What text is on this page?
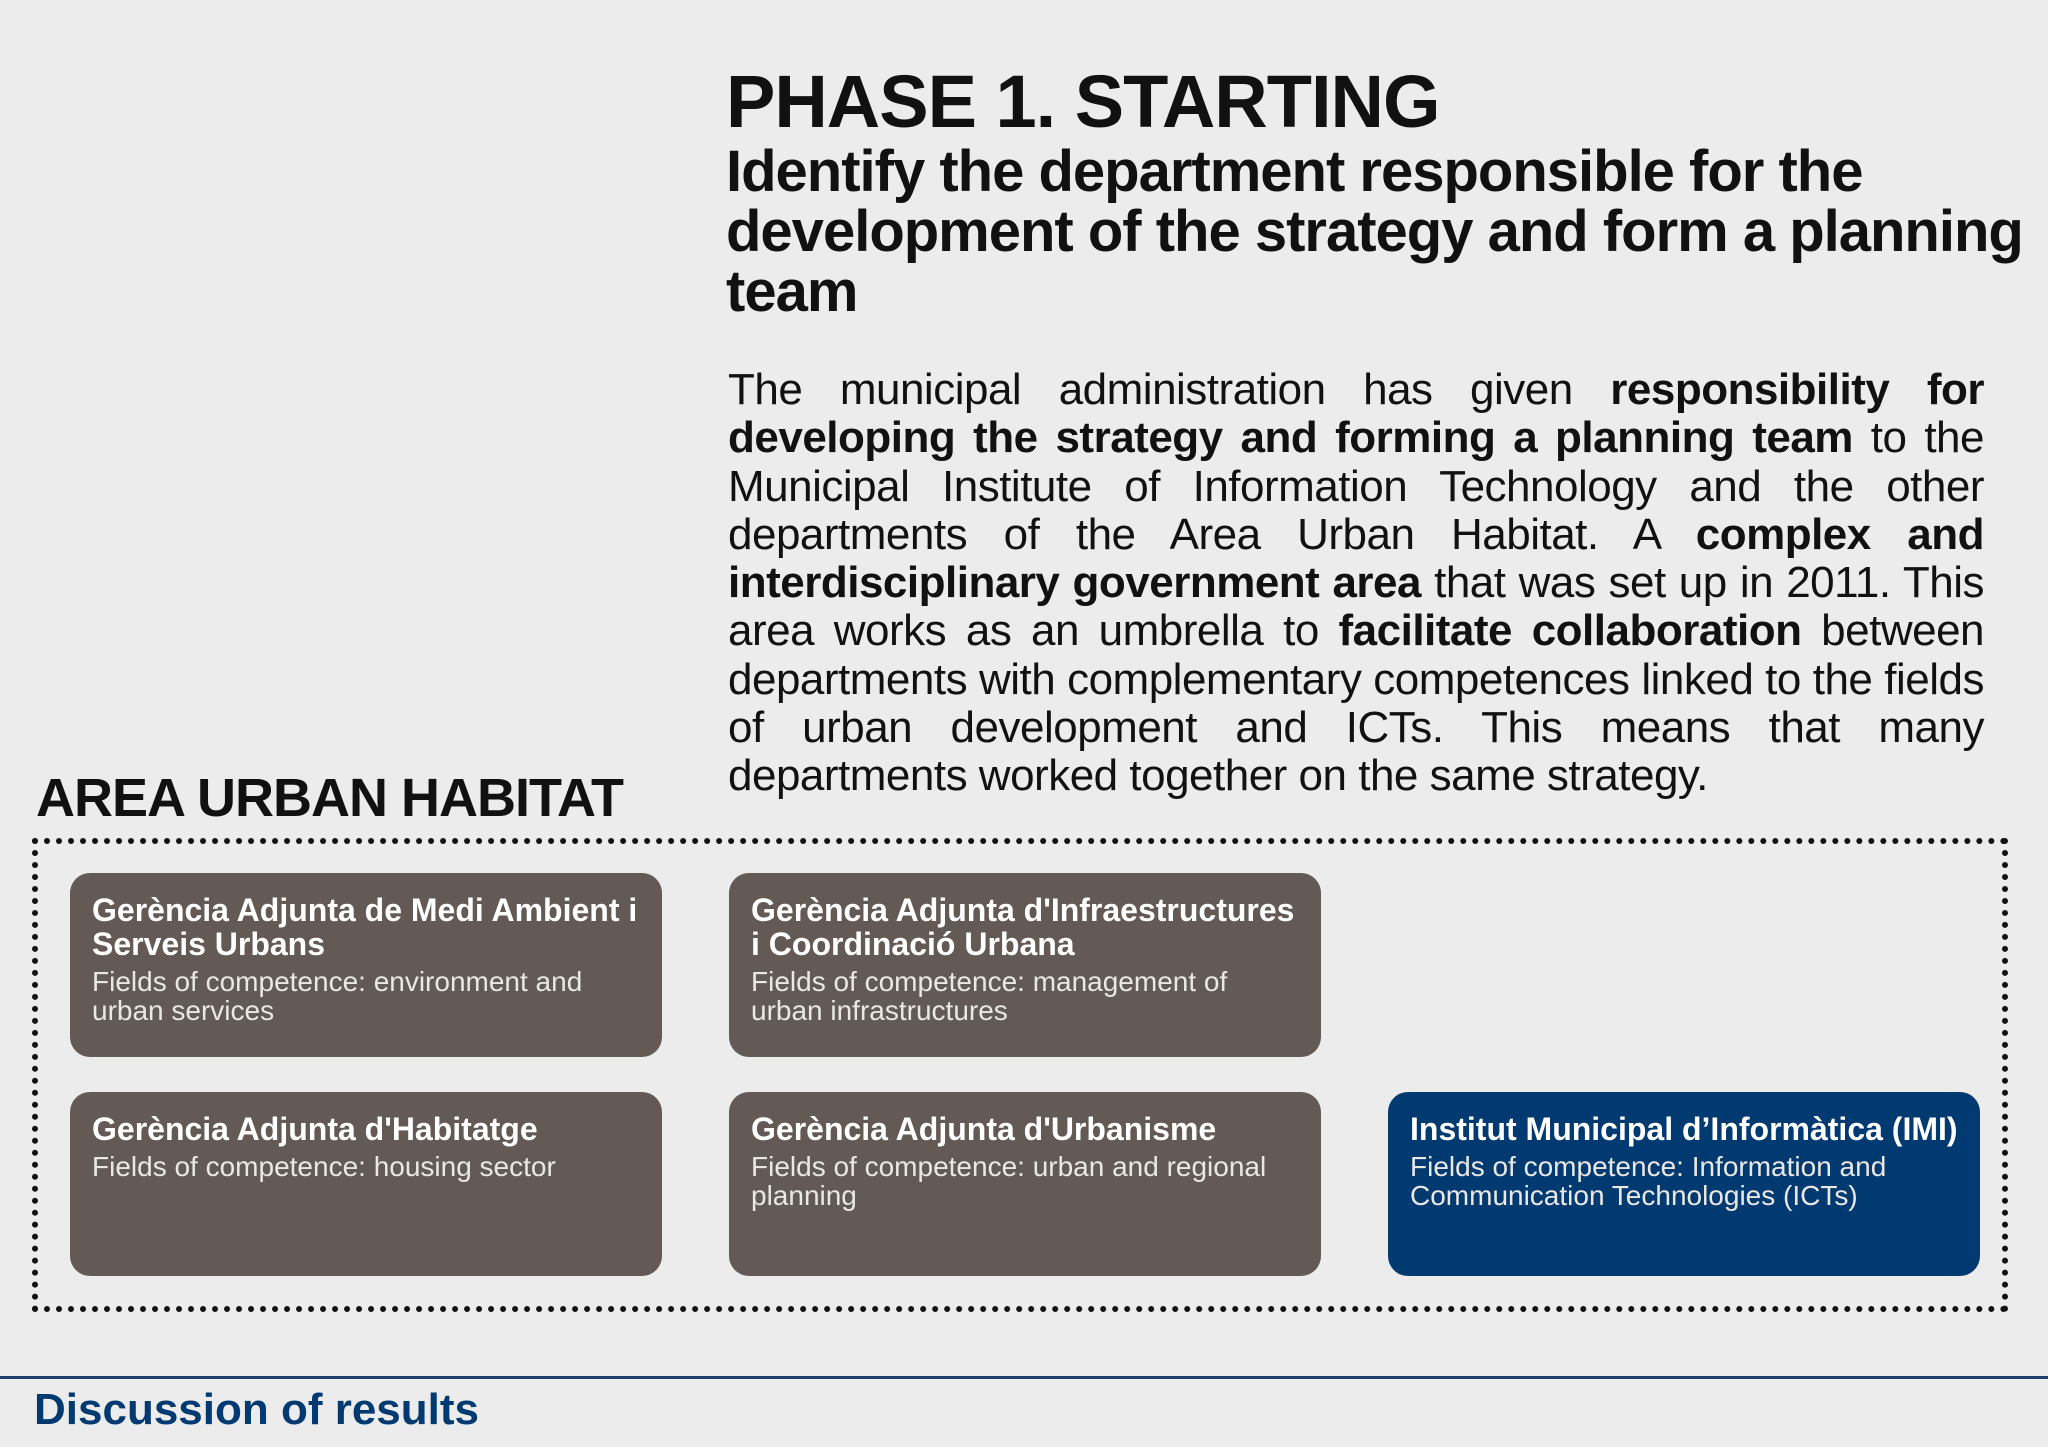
PHASE 1. STARTING
Identify the department responsible for the development of the strategy and form a planning team

The municipal administration has given responsibility for developing the strategy and forming a planning team to the Municipal Institute of Information Technology and the other departments of the Area Urban Habitat. A complex and interdisciplinary government area that was set up in 2011. This area works as an umbrella to facilitate collaboration between departments with complementary competences linked to the fields of urban development and ICTs. This means that many departments worked together on the same strategy.

AREA URBAN HABITAT

Gerència Adjunta de Medi Ambient i Serveis Urbans

Fields of competence: environment and urban services

Gerència Adjunta d'Infraestructures i Coordinació Urbana

Fields of competence: management of urban infrastructures

Gerència Adjunta d'Habitatge

Fields of competence: housing sector

Gerència Adjunta d'Urbanisme

Fields of competence: urban and regional planning

Institut Municipal d’Informàtica (IMI)

Fields of competence: Information and Communication Technologies (ICTs)

Discussion of results
